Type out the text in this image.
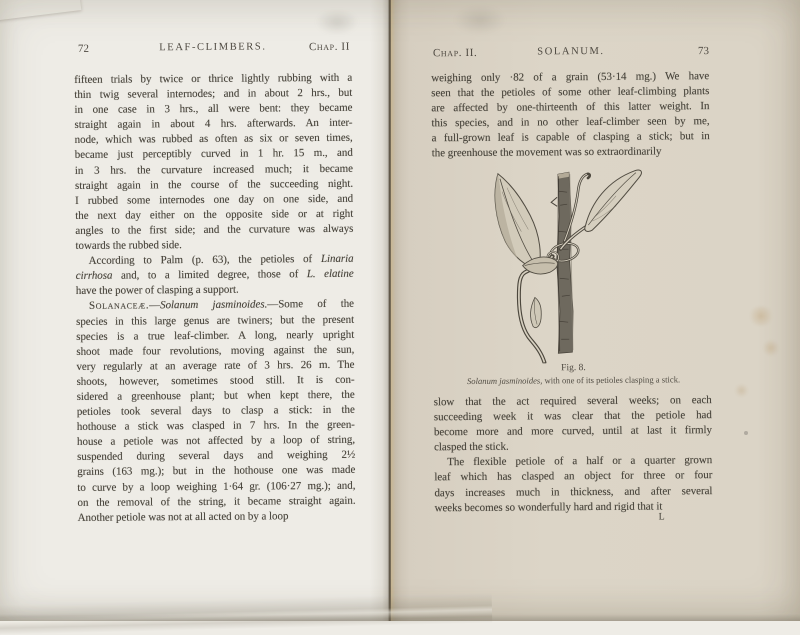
72	LEAF-CLIMBERS.	Chap. II
fifteen trials by twice or thrice lightly rubbing with a
thin twig several internodes; and in about 2 hrs., but
in one case in 3 hrs., all were bent: they became
straight again in about 4 hrs. afterwards. An inter-
node, which was rubbed as often as six or seven times,
became just perceptibly curved in 1 hr. 15 m., and
in 3 hrs. the curvature increased much; it became
straight again in the course of the succeeding night.
I rubbed some internodes one day on one side, and
the next day either on the opposite side or at right
angles to the first side; and the curvature was always
towards the rubbed side.
According to Palm (p. 63), the petioles of Linaria
cirrhosa and, to a limited degree, those of L. elatine
have the power of clasping a support.
Solanaceæ.—Solanum jasminoides.—Some of the
species in this large genus are twiners; but the present
species is a true leaf-climber. A long, nearly upright
shoot made four revolutions, moving against the sun,
very regularly at an average rate of 3 hrs. 26 m. The
shoots, however, sometimes stood still. It is con-
sidered a greenhouse plant; but when kept there, the
petioles took several days to clasp a stick: in the
hothouse a stick was clasped in 7 hrs. In the green-
house a petiole was not affected by a loop of string,
suspended during several days and weighing 2½
grains (163 mg.); but in the hothouse one was made
to curve by a loop weighing 1·64 gr. (106·27 mg.); and,
on the removal of the string, it became straight again.
Another petiole was not at all acted on by a loop
Chap. II.	SOLANUM.	73
weighing only ·82 of a grain (53·14 mg.) We have
seen that the petioles of some other leaf-climbing plants
are affected by one-thirteenth of this latter weight. In
this species, and in no other leaf-climber seen by me,
a full-grown leaf is capable of clasping a stick; but in
the greenhouse the movement was so extraordinarily
Fig. 8.
Solanum jasminoides, with one of its petioles clasping a stick.
slow that the act required several weeks; on each
succeeding week it was clear that the petiole had
become more and more curved, until at last it firmly
clasped the stick.
The flexible petiole of a half or a quarter grown
leaf which has clasped an object for three or four
days increases much in thickness, and after several
weeks becomes so wonderfully hard and rigid that it
L
